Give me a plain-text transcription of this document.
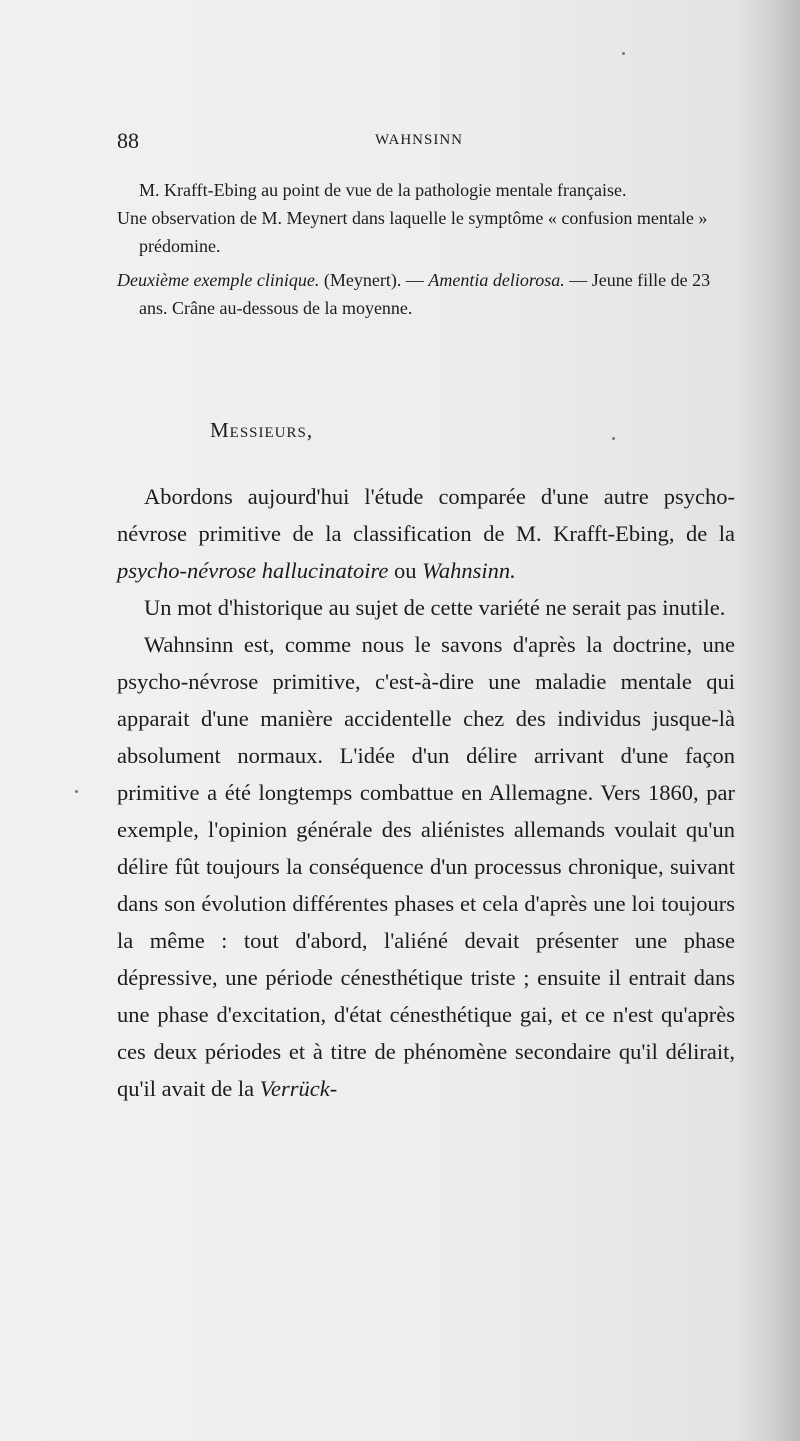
88	WAHNSINN

M. Krafft-Ebing au point de vue de la pathologie mentale française.

Une observation de M. Meynert dans laquelle le symptôme « confusion mentale » prédomine.

Deuxième exemple clinique. (Meynert). — Amentia deliorosa. — Jeune fille de 23 ans. Crâne au-dessous de la moyenne.

Messieurs,

Abordons aujourd'hui l'étude comparée d'une autre psycho-névrose primitive de la classification de M. Krafft-Ebing, de la psycho-névrose hallucinatoire ou Wahnsinn.

Un mot d'historique au sujet de cette variété ne serait pas inutile.

Wahnsinn est, comme nous le savons d'après la doctrine, une psycho-névrose primitive, c'est-à-dire une maladie mentale qui apparait d'une manière accidentelle chez des individus jusque-là absolument normaux. L'idée d'un délire arrivant d'une façon primitive a été longtemps combattue en Allemagne. Vers 1860, par exemple, l'opinion générale des aliénistes allemands voulait qu'un délire fût toujours la conséquence d'un processus chronique, suivant dans son évolution différentes phases et cela d'après une loi toujours la même : tout d'abord, l'aliéné devait présenter une phase dépressive, une période cénesthétique triste ; ensuite il entrait dans une phase d'excitation, d'état cénesthétique gai, et ce n'est qu'après ces deux périodes et à titre de phénomène secondaire qu'il délirait, qu'il avait de la Verrück-
